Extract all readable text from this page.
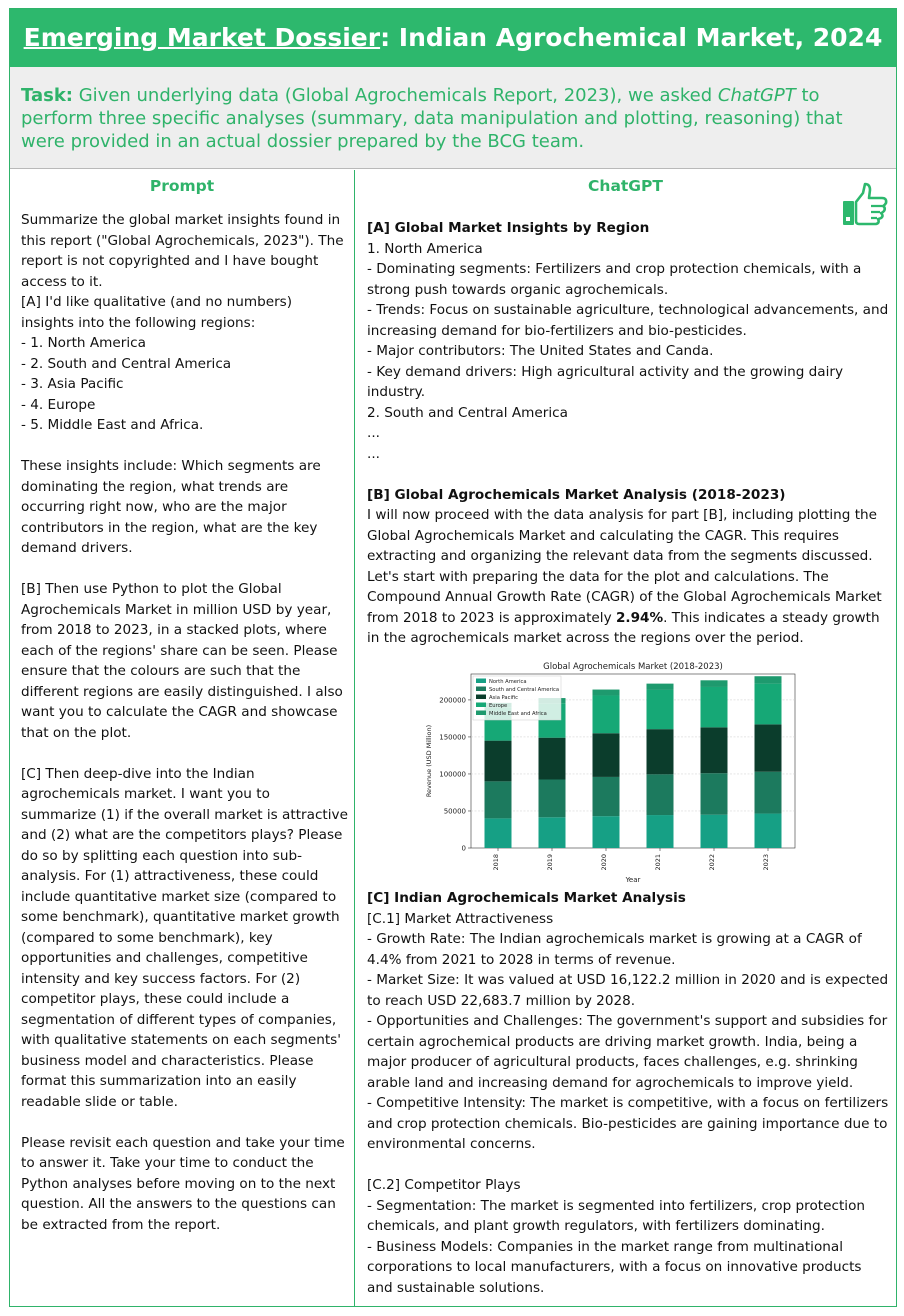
Emerging Market Dossier: Indian Agrochemical Market, 2024
Task: Given underlying data (Global Agrochemicals Report, 2023), we asked ChatGPT to perform three specific analyses (summary, data manipulation and plotting, reasoning) that were provided in an actual dossier prepared by the BCG team.
Prompt	ChatGPT

Summarize the global market insights found in this report ("Global Agrochemicals, 2023"). The report is not copyrighted and I have bought access to it.

[A] I'd like qualitative (and no numbers) insights into the following regions:

- 1. North America

- 2. South and Central America

- 3. Asia Pacific

- 4. Europe

- 5. Middle East and Africa.

These insights include: Which segments are dominating the region, what trends are occurring right now, who are the major contributors in the region, what are the key demand drivers.

[B] Then use Python to plot the Global Agrochemicals Market in million USD by year, from 2018 to 2023, in a stacked plots, where each of the regions' share can be seen. Please ensure that the colours are such that the different regions are easily distinguished. I also want you to calculate the CAGR and showcase that on the plot.

[C] Then deep-dive into the Indian agrochemicals market. I want you to summarize (1) if the overall market is attractive and (2) what are the competitors plays? Please do so by splitting each question into sub-analysis. For (1) attractiveness, these could include quantitative market size (compared to some benchmark), quantitative market growth (compared to some benchmark), key opportunities and challenges, competitive intensity and key success factors. For (2) competitor plays, these could include a segmentation of different types of companies, with qualitative statements on each segments' business model and characteristics. Please format this summarization into an easily readable slide or table.

Please revisit each question and take your time to answer it. Take your time to conduct the Python analyses before moving on to the next question. All the answers to the questions can be extracted from the report.

[A] Global Market Insights by Region

1. North America

- Dominating segments: Fertilizers and crop protection chemicals, with a strong push towards organic agrochemicals.

- Trends: Focus on sustainable agriculture, technological advancements, and increasing demand for bio-fertilizers and bio-pesticides.

- Major contributors: The United States and Canda.

- Key demand drivers: High agricultural activity and the growing dairy industry.

2. South and Central America

...

...

[B] Global Agrochemicals Market Analysis (2018-2023)

I will now proceed with the data analysis for part [B], including plotting the Global Agrochemicals Market and calculating the CAGR. This requires extracting and organizing the relevant data from the segments discussed. Let's start with preparing the data for the plot and calculations. The Compound Annual Growth Rate (CAGR) of the Global Agrochemicals Market from 2018 to 2023 is approximately 2.94%. This indicates a steady growth in the agrochemicals market across the regions over the period.

Global Agrochemicals Market (2018-2023)
0
50000
100000
150000
200000
Revenue (USD Million)
2018	2019	2020	2021	2022	2023
Year
North America
South and Central America
Asia Pacific
Europe
Middle East and Africa

[C] Indian Agrochemicals Market Analysis

[C.1] Market Attractiveness

- Growth Rate: The Indian agrochemicals market is growing at a CAGR of 4.4% from 2021 to 2028 in terms of revenue.

- Market Size: It was valued at USD 16,122.2 million in 2020 and is expected to reach USD 22,683.7 million by 2028.

- Opportunities and Challenges: The government's support and subsidies for certain agrochemical products are driving market growth. India, being a major producer of agricultural products, faces challenges, e.g. shrinking arable land and increasing demand for agrochemicals to improve yield.

- Competitive Intensity: The market is competitive, with a focus on fertilizers and crop protection chemicals. Bio-pesticides are gaining importance due to environmental concerns.

[C.2] Competitor Plays

- Segmentation: The market is segmented into fertilizers, crop protection chemicals, and plant growth regulators, with fertilizers dominating.

- Business Models: Companies in the market range from multinational corporations to local manufacturers, with a focus on innovative products and sustainable solutions.
